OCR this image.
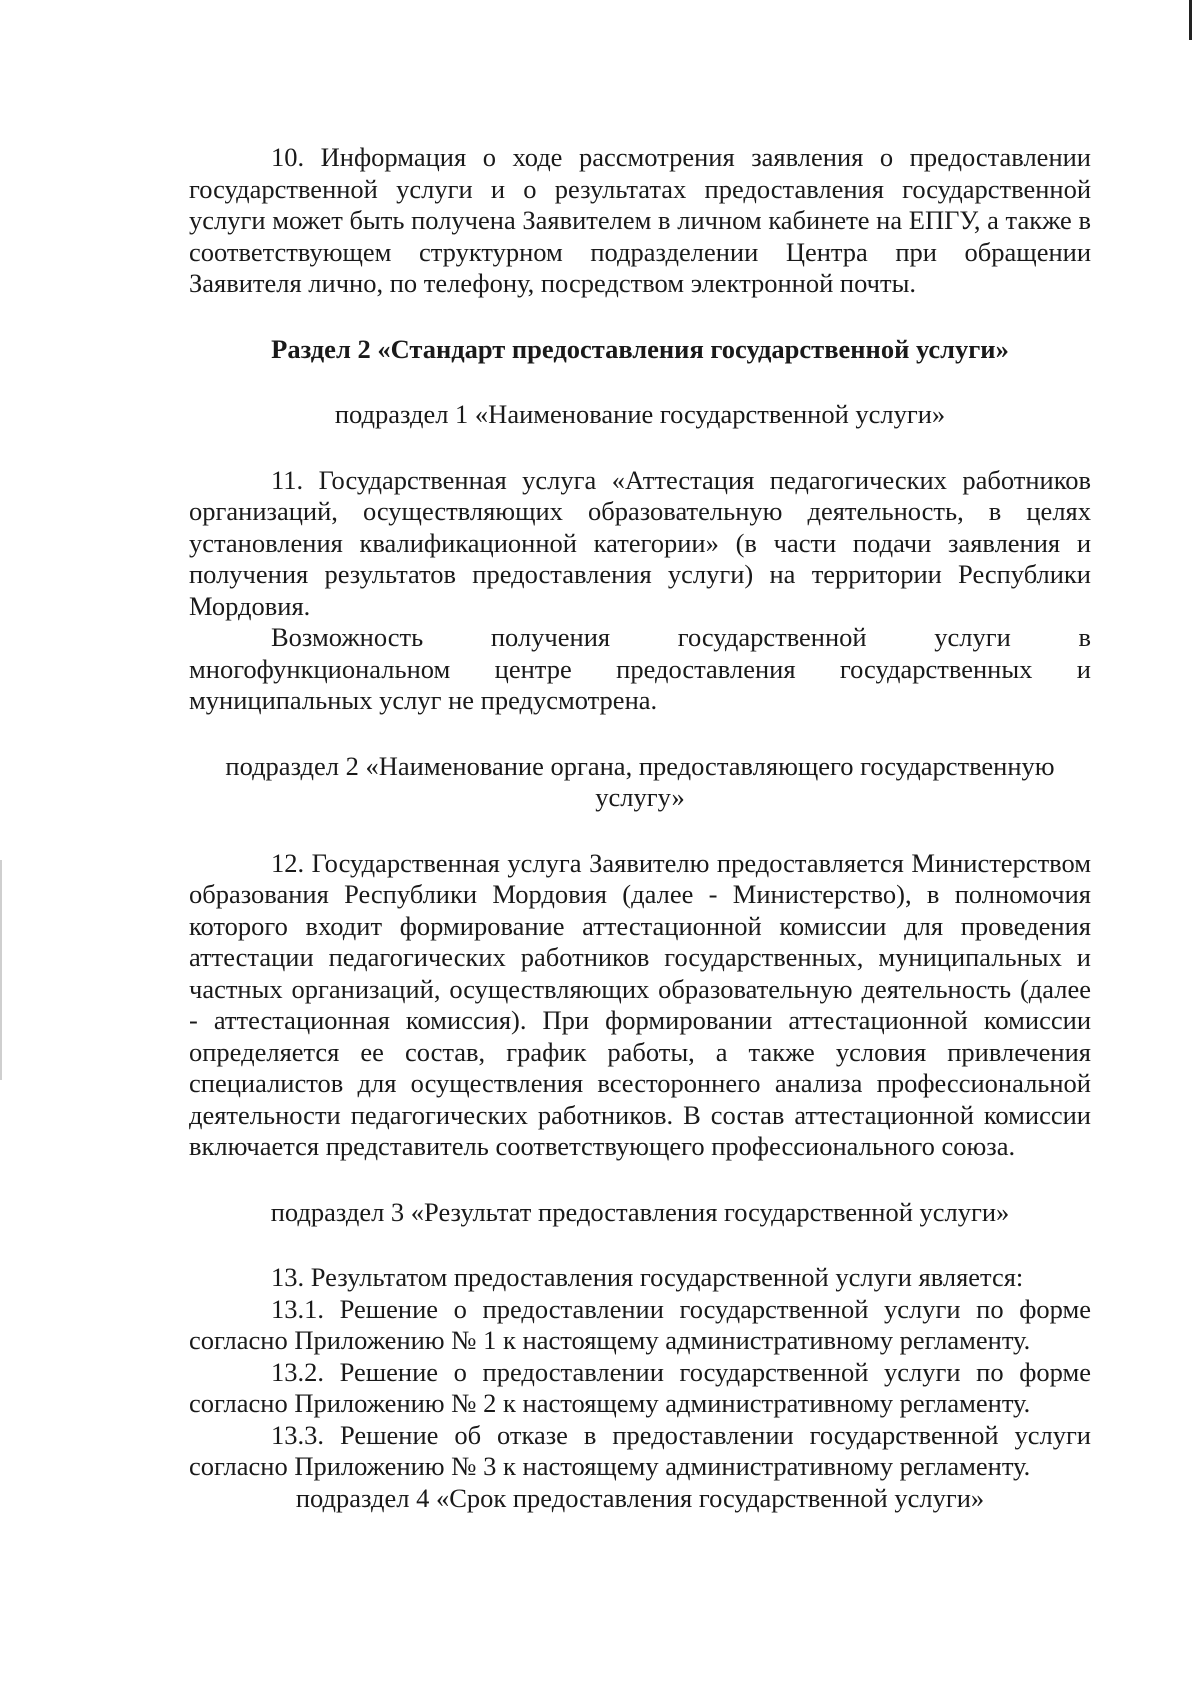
10. Информация о ходе рассмотрения заявления о предоставлении государственной услуги и о результатах предоставления государственной услуги может быть получена Заявителем в личном кабинете на ЕПГУ, а также в соответствующем структурном подразделении Центра при обращении Заявителя лично, по телефону, посредством электронной почты.

Раздел 2 «Стандарт предоставления государственной услуги»

подраздел 1 «Наименование государственной услуги»

11. Государственная услуга «Аттестация педагогических работников организаций, осуществляющих образовательную деятельность, в целях установления квалификационной категории» (в части подачи заявления и получения результатов предоставления услуги) на территории Республики Мордовия.

Возможность получения государственной услуги в многофункциональном центре предоставления государственных и муниципальных услуг не предусмотрена.

подраздел 2 «Наименование органа, предоставляющего государственную услугу»

12. Государственная услуга Заявителю предоставляется Министерством образования Республики Мордовия (далее - Министерство), в полномочия которого входит формирование аттестационной комиссии для проведения аттестации педагогических работников государственных, муниципальных и частных организаций, осуществляющих образовательную деятельность (далее - аттестационная комиссия). При формировании аттестационной комиссии определяется ее состав, график работы, а также условия привлечения специалистов для осуществления всестороннего анализа профессиональной деятельности педагогических работников. В состав аттестационной комиссии включается представитель соответствующего профессионального союза.

подраздел 3 «Результат предоставления государственной услуги»

13. Результатом предоставления государственной услуги является:

13.1. Решение о предоставлении государственной услуги по форме согласно Приложению № 1 к настоящему административному регламенту.

13.2. Решение о предоставлении государственной услуги по форме согласно Приложению № 2 к настоящему административному регламенту.

13.3. Решение об отказе в предоставлении государственной услуги согласно Приложению № 3 к настоящему административному регламенту.

подраздел 4 «Срок предоставления государственной услуги»
